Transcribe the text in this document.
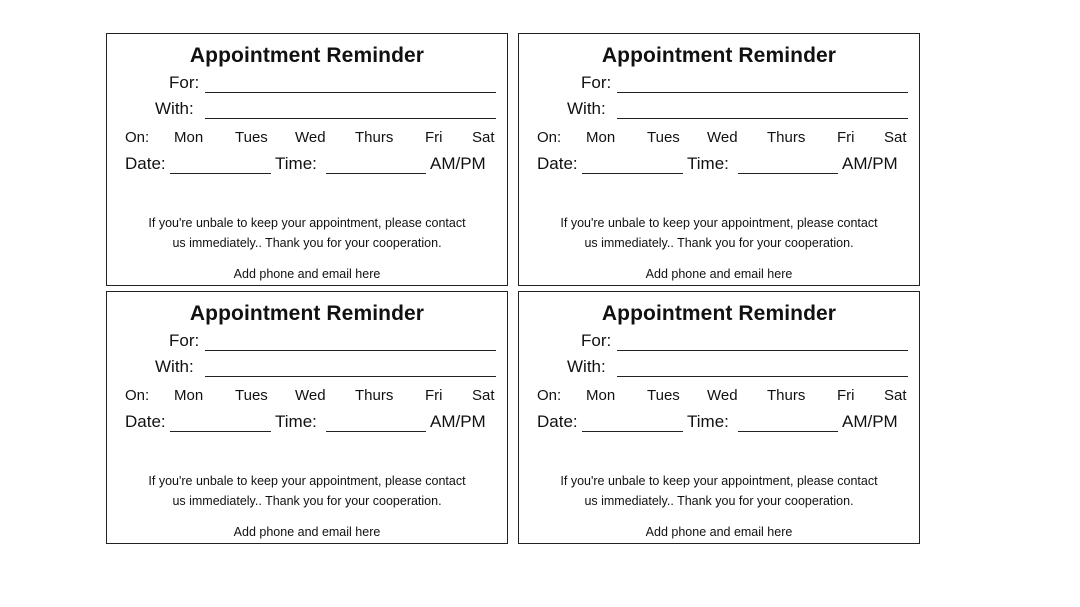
Appointment Reminder
For:
With:
On: Mon Tues Wed Thurs Fri Sat
Date:	Time:	AM/PM
If you're unbale to keep your appointment, please contact
us immediately.. Thank you for your cooperation.
Add phone and email here
Appointment Reminder
For:
With:
On: Mon Tues Wed Thurs Fri Sat
Date:	Time:	AM/PM
If you're unbale to keep your appointment, please contact
us immediately.. Thank you for your cooperation.
Add phone and email here
Appointment Reminder
For:
With:
On: Mon Tues Wed Thurs Fri Sat
Date:	Time:	AM/PM
If you're unbale to keep your appointment, please contact
us immediately.. Thank you for your cooperation.
Add phone and email here
Appointment Reminder
For:
With:
On: Mon Tues Wed Thurs Fri Sat
Date:	Time:	AM/PM
If you're unbale to keep your appointment, please contact
us immediately.. Thank you for your cooperation.
Add phone and email here
